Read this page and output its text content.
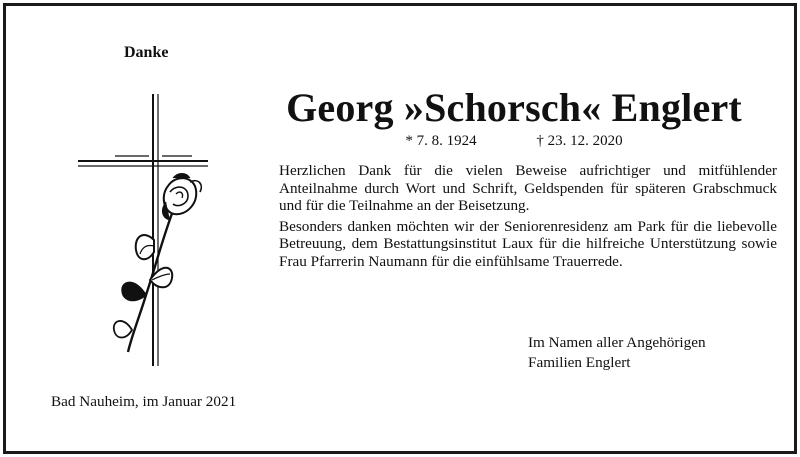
Danke
Georg »Schorsch« Englert
* 7. 8. 1924	† 23. 12. 2020

Herzlichen Dank für die vielen Beweise aufrichtiger und mitfühlender Anteilnahme durch Wort und Schrift, Geldspenden für späteren Grabschmuck und für die Teilnahme an der Beisetzung.

Besonders danken möchten wir der Seniorenresidenz am Park für die liebevolle Betreuung, dem Bestattungsinstitut Laux für die hilfreiche Unterstützung sowie Frau Pfarrerin Naumann für die einfühlsame Trauerrede.

Im Namen aller Angehörigen
Familien Englert
Bad Nauheim, im Januar 2021
